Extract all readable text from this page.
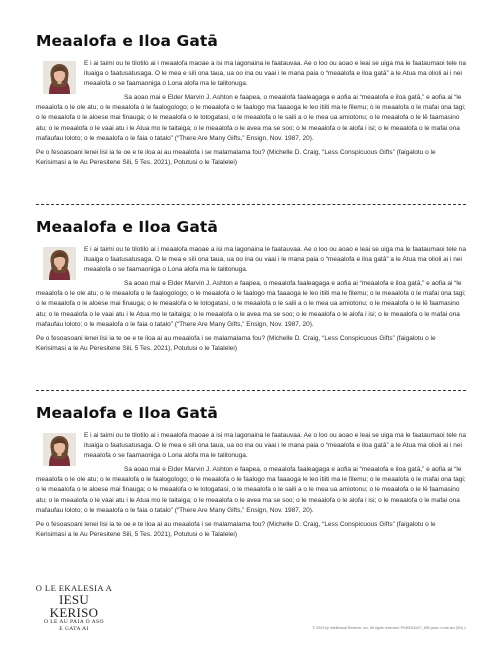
Meaalofa e Iloa Gatā

E i ai taimi ou te tilotilo ai i meaalofa maoae a isi ma lagonaina le faatauvaa. Ae o loo ou aoao e leai se uiga ma le faataumaoi tele na ituaiga o faatusatusaga. O le mea e sili ona taua, ua oo ina ou vaai i le mana paia o “meaalofa e iloa gatā” a le Atua ma olioli ai i nei meaalofa o se faamaoniga o Lona alofa ma le talitonuga.

Sa aoao mai e Elder Marvin J. Ashton e faapea, o meaalofa faaleagaga e aofia ai “meaalofa e iloa gatā,” e aofia ai “le meaalofa o le ole atu; o le meaalofa o le faalogologo; o le meaalofa o le faalogo ma faaaoga le leo itiiti ma le filemu; o le meaalofa o le mafai ona tagi; o le meaalofa o le aloese mai finauga; o le meaalofa o le lotogatasi, o le meaalofa o le saili a o le mea ua amiotonu; o le meaalofa o le lē faamasino atu; o le meaalofa o le vaai atu i le Atua mo le taitaiga; o le meaalofa o le avea ma se soo; o le meaalofa o le alofa i isi; o le meaalofa o le mafai ona mafaufau loloto; o le meaalofa o le faia o tatalo” (“There Are Many Gifts,” Ensign, Nov. 1987, 20).

Pe o fesoasoani lenei lisi ia te oe e te iloa ai au meaalofa i se malamalama fou? (Michelle D. Craig, “Less Conspicuous Gifts” (faigalotu o le Kerisimasi a le Au Peresitene Sili, 5 Tes. 2021), Potutusi o le Talalelei)

Meaalofa e Iloa Gatā

E i ai taimi ou te tilotilo ai i meaalofa maoae a isi ma lagonaina le faatauvaa. Ae o loo ou aoao e leai se uiga ma le faataumaoi tele na ituaiga o faatusatusaga. O le mea e sili ona taua, ua oo ina ou vaai i le mana paia o “meaalofa e iloa gatā” a le Atua ma olioli ai i nei meaalofa o se faamaoniga o Lona alofa ma le talitonuga.

Sa aoao mai e Elder Marvin J. Ashton e faapea, o meaalofa faaleagaga e aofia ai “meaalofa e iloa gatā,” e aofia ai “le meaalofa o le ole atu; o le meaalofa o le faalogologo; o le meaalofa o le faalogo ma faaaoga le leo itiiti ma le filemu; o le meaalofa o le mafai ona tagi; o le meaalofa o le aloese mai finauga; o le meaalofa o le lotogatasi, o le meaalofa o le saili a o le mea ua amiotonu; o le meaalofa o le lē faamasino atu; o le meaalofa o le vaai atu i le Atua mo le taitaiga; o le meaalofa o le avea ma se soo; o le meaalofa o le alofa i isi; o le meaalofa o le mafai ona mafaufau loloto; o le meaalofa o le faia o tatalo” (“There Are Many Gifts,” Ensign, Nov. 1987, 20).

Pe o fesoasoani lenei lisi ia te oe e te iloa ai au meaalofa i se malamalama fou? (Michelle D. Craig, “Less Conspicuous Gifts” (faigalotu o le Kerisimasi a le Au Peresitene Sili, 5 Tes. 2021), Potutusi o le Talalelei)

Meaalofa e Iloa Gatā

E i ai taimi ou te tilotilo ai i meaalofa maoae a isi ma lagonaina le faatauvaa. Ae o loo ou aoao e leai se uiga ma le faataumaoi tele na ituaiga o faatusatusaga. O le mea e sili ona taua, ua oo ina ou vaai i le mana paia o “meaalofa e iloa gatā” a le Atua ma olioli ai i nei meaalofa o se faamaoniga o Lona alofa ma le talitonuga.

Sa aoao mai e Elder Marvin J. Ashton e faapea, o meaalofa faaleagaga e aofia ai “meaalofa e iloa gatā,” e aofia ai “le meaalofa o le ole atu; o le meaalofa o le faalogologo; o le meaalofa o le faalogo ma faaaoga le leo itiiti ma le filemu; o le meaalofa o le mafai ona tagi; o le meaalofa o le aloese mai finauga; o le meaalofa o le lotogatasi, o le meaalofa o le saili a o le mea ua amiotonu; o le meaalofa o le lē faamasino atu; o le meaalofa o le vaai atu i le Atua mo le taitaiga; o le meaalofa o le avea ma se soo; o le meaalofa o le alofa i isi; o le meaalofa o le mafai ona mafaufau loloto; o le meaalofa o le faia o tatalo” (“There Are Many Gifts,” Ensign, Nov. 1987, 20).

Pe o fesoasoani lenei lisi ia te oe e te iloa ai au meaalofa i se malamalama fou? (Michelle D. Craig, “Less Conspicuous Gifts” (faigalotu o le Kerisimasi a le Au Peresitene Sili, 5 Tes. 2021), Potutusi o le Talalelei)

O LE EKALESIA A
IESU KERISO
O LE AU PAIA O ASO
E GATA AI	© 2024 by Intellectual Reserve, Inc. All rights reserved. PD80016427_890 pepe o tufa atu (SN) 1
